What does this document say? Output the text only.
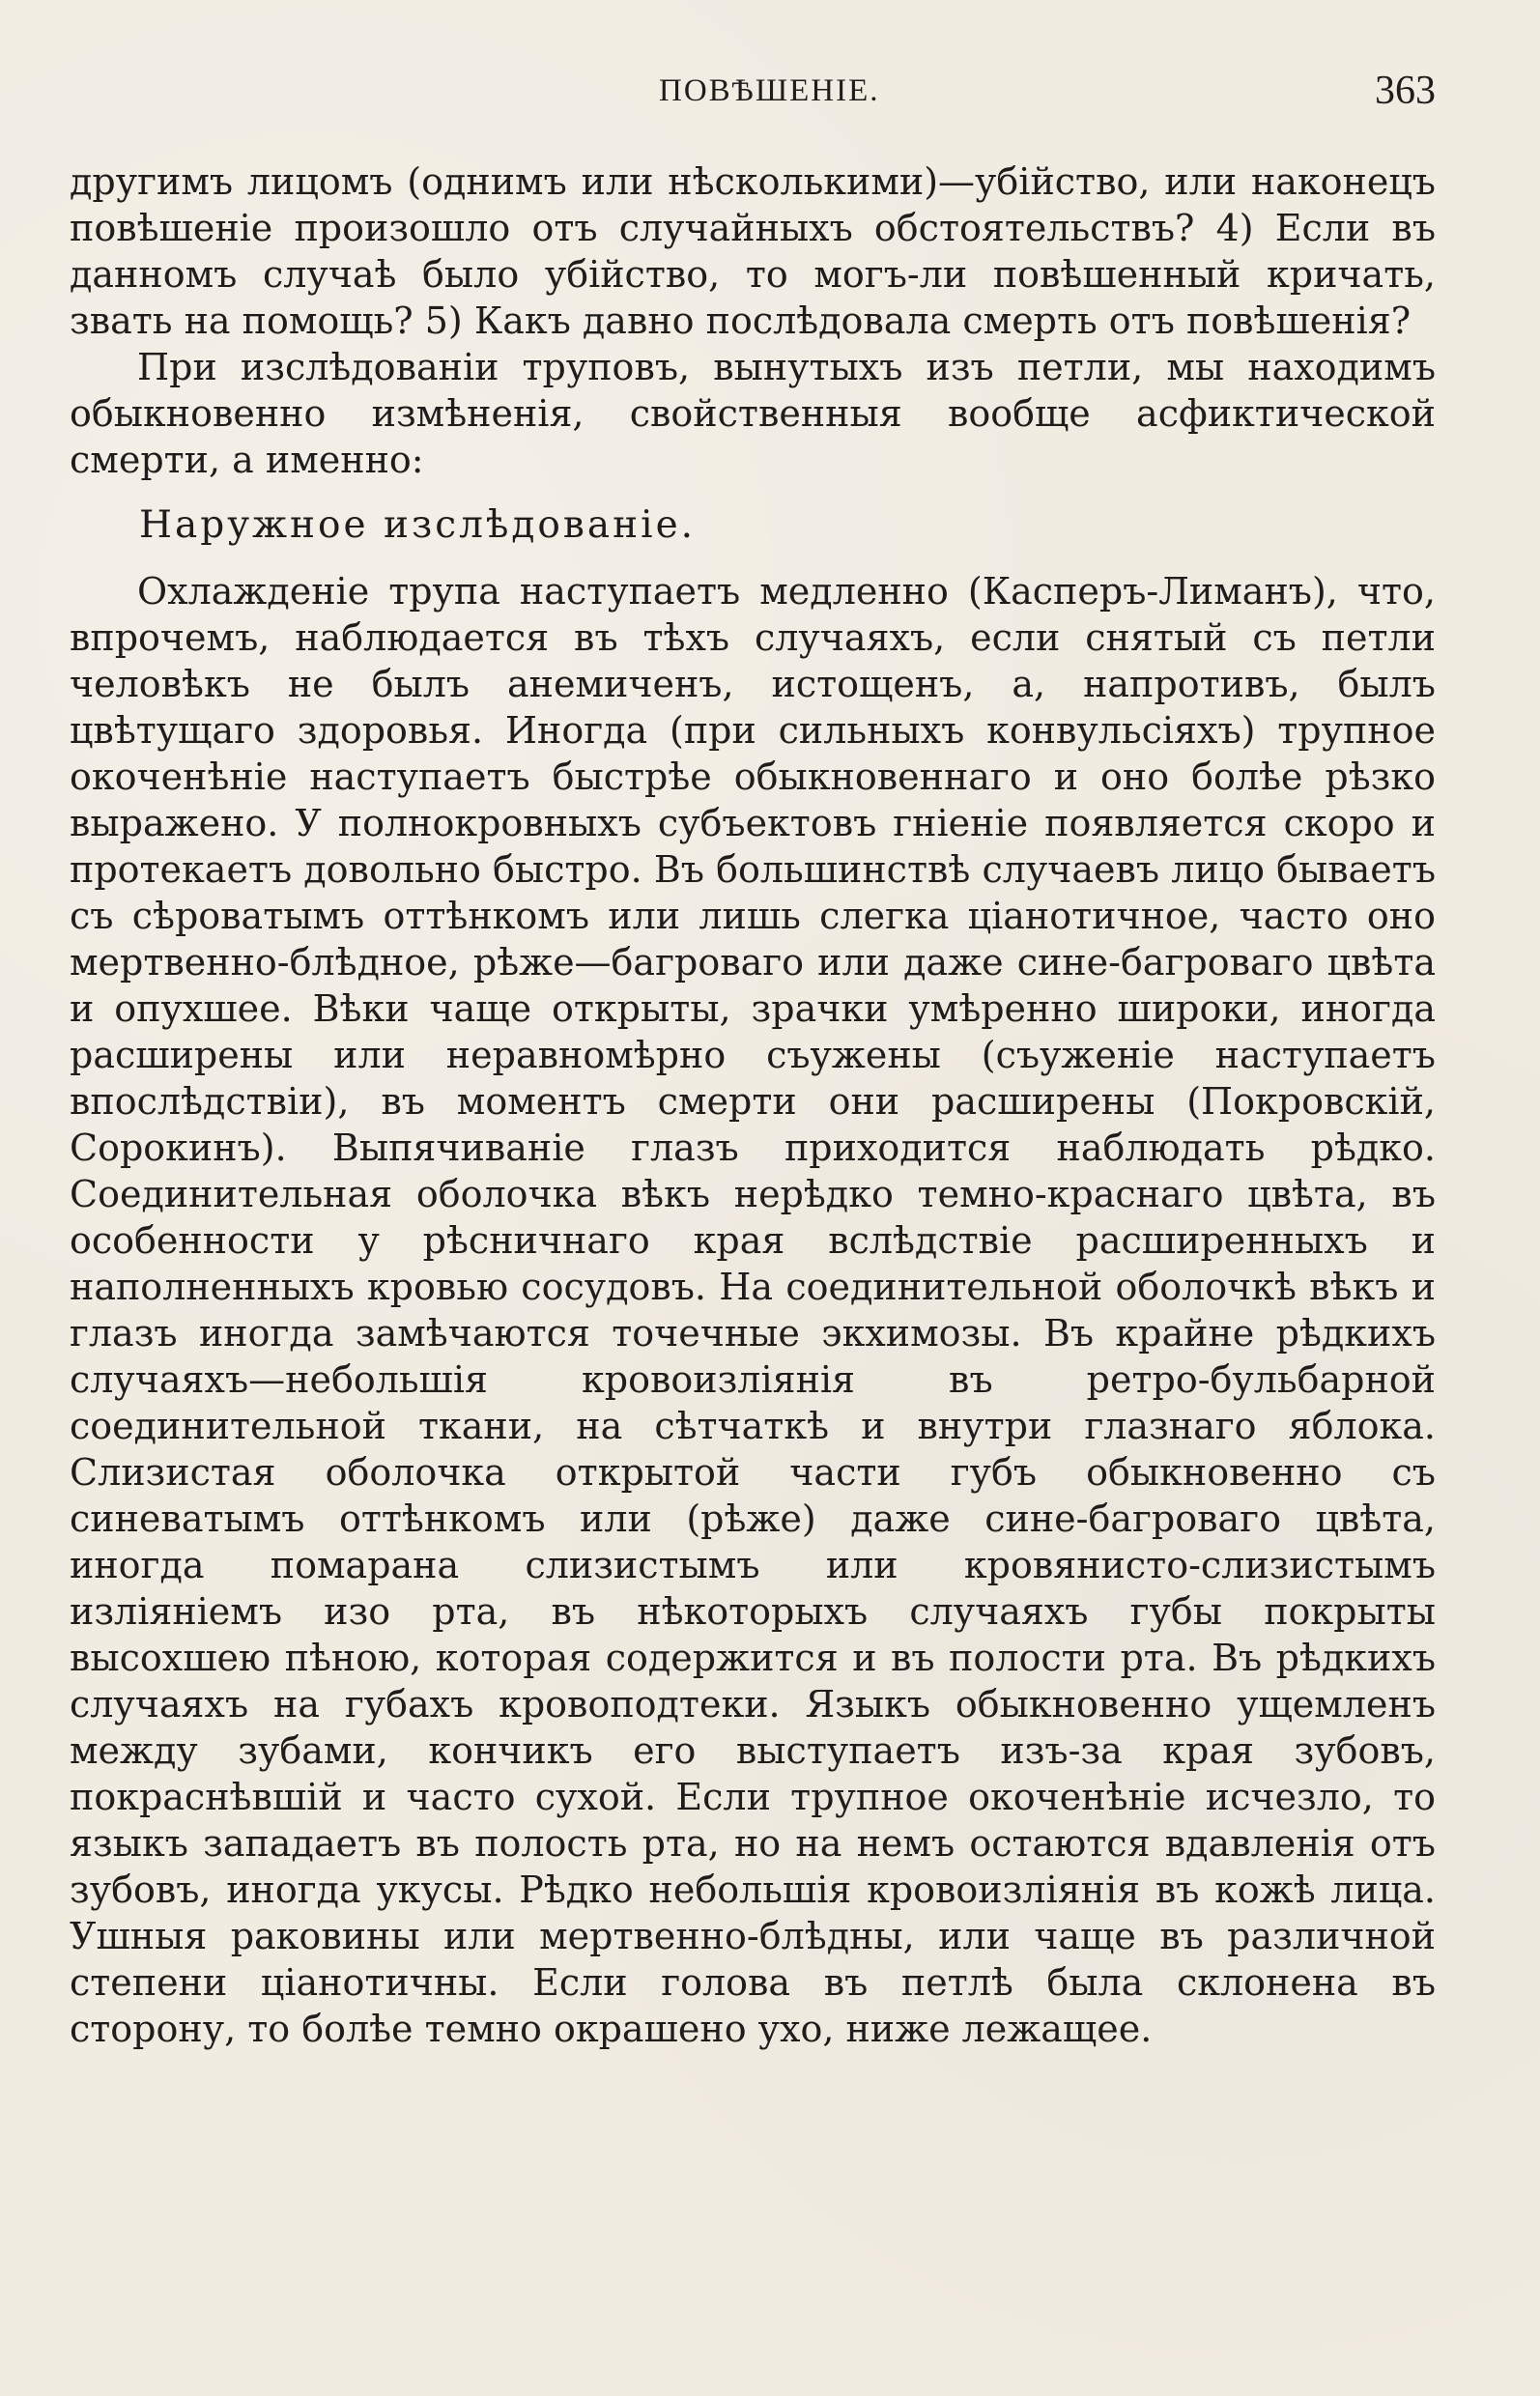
ПОВѢШЕНІЕ.	363

другимъ лицомъ (однимъ или нѣсколькими)—убійство, или наконецъ повѣшеніе произошло отъ случайныхъ обстоятельствъ? 4) Если въ данномъ случаѣ было убійство, то могъ-ли повѣшенный кричать, звать на помощь? 5) Какъ давно послѣдовала смерть отъ повѣшенія?

При изслѣдованіи труповъ, вынутыхъ изъ петли, мы находимъ обыкновенно измѣненія, свойственныя вообще асфиктической смерти, а именно:

Наружное изслѣдованіе.

Охлажденіе трупа наступаетъ медленно (Касперъ-Лиманъ), что, впрочемъ, наблюдается въ тѣхъ случаяхъ, если снятый съ петли человѣкъ не былъ анемиченъ, истощенъ, а, напротивъ, былъ цвѣтущаго здоровья. Иногда (при сильныхъ конвульсіяхъ) трупное окоченѣніе наступаетъ быстрѣе обыкновеннаго и оно болѣе рѣзко выражено. У полнокровныхъ субъектовъ гніеніе появляется скоро и протекаетъ довольно быстро. Въ большинствѣ случаевъ лицо бываетъ съ сѣроватымъ оттѣнкомъ или лишь слегка ціанотичное, часто оно мертвенно-блѣдное, рѣже—багроваго или даже сине-багроваго цвѣта и опухшее. Вѣки чаще открыты, зрачки умѣренно широки, иногда расширены или неравномѣрно съужены (съуженіе наступаетъ впослѣдствіи), въ моментъ смерти они расширены (Покровскій, Сорокинъ). Выпячиваніе глазъ приходится наблюдать рѣдко. Соединительная оболочка вѣкъ нерѣдко темно-краснаго цвѣта, въ особенности у рѣсничнаго края вслѣдствіе расширенныхъ и наполненныхъ кровью сосудовъ. На соединительной оболочкѣ вѣкъ и глазъ иногда замѣчаются точечные экхимозы. Въ крайне рѣдкихъ случаяхъ—небольшія кровоизліянія въ ретро-бульбарной соединительной ткани, на сѣтчаткѣ и внутри глазнаго яблока. Слизистая оболочка открытой части губъ обыкновенно съ синеватымъ оттѣнкомъ или (рѣже) даже сине-багроваго цвѣта, иногда помарана слизистымъ или кровянисто-слизистымъ изліяніемъ изо рта, въ нѣкоторыхъ случаяхъ губы покрыты высохшею пѣною, которая содержится и въ полости рта. Въ рѣдкихъ случаяхъ на губахъ кровоподтеки. Языкъ обыкновенно ущемленъ между зубами, кончикъ его выступаетъ изъ-за края зубовъ, покраснѣвшій и часто сухой. Если трупное окоченѣніе исчезло, то языкъ западаетъ въ полость рта, но на немъ остаются вдавленія отъ зубовъ, иногда укусы. Рѣдко небольшія кровоизліянія въ кожѣ лица. Ушныя раковины или мертвенно-блѣдны, или чаще въ различной степени ціанотичны. Если голова въ петлѣ была склонена въ сторону, то болѣе темно окрашено ухо, ниже лежащее.
